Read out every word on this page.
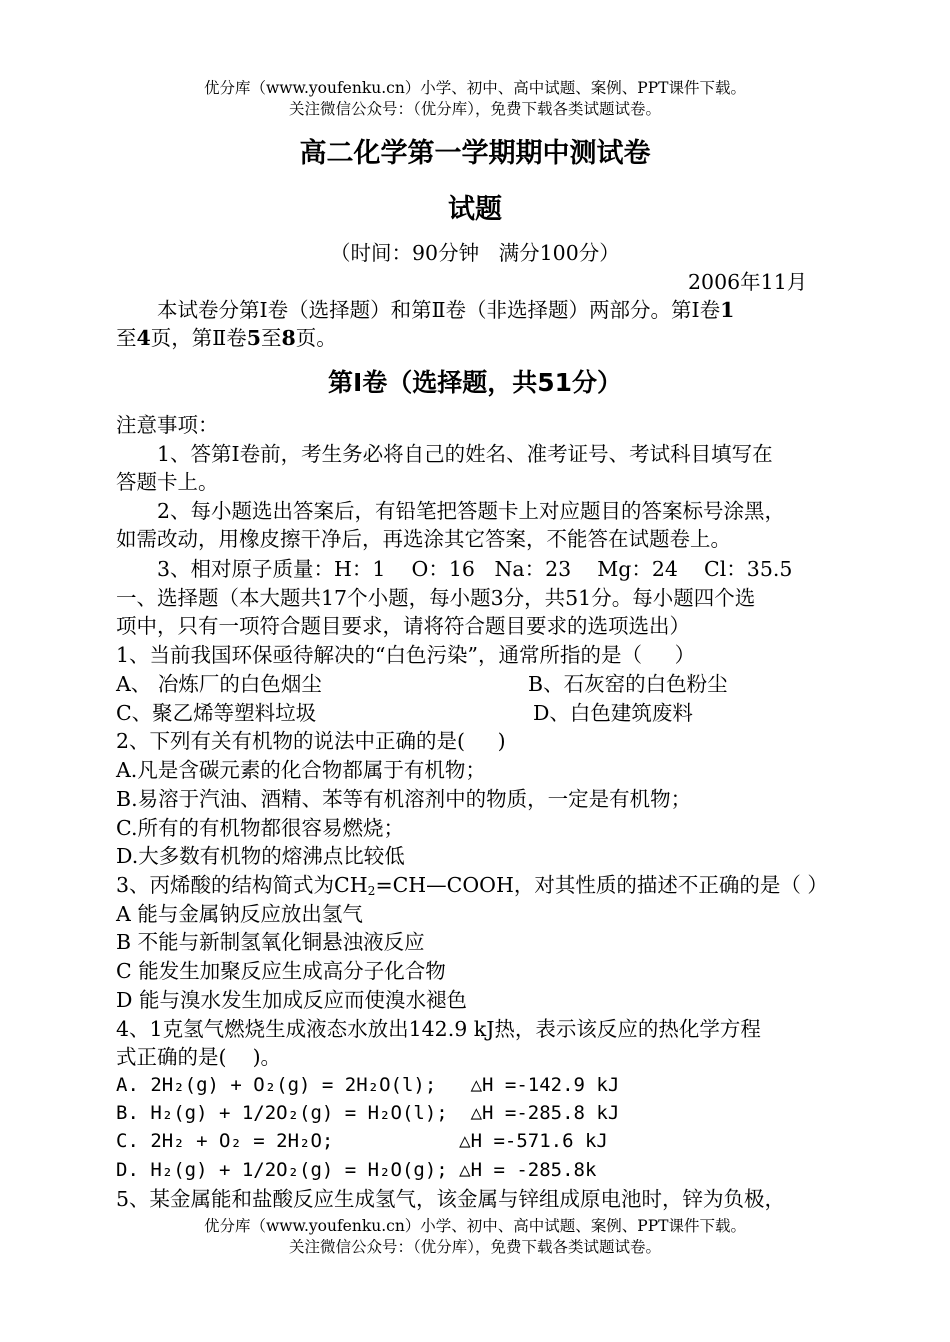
优分库（www.youfenku.cn）小学、初中、高中试题、案例、PPT课件下载。
关注微信公众号：（优分库），免费下载各类试题试卷。
高二化学第一学期期中测试卷
试题
（时间：90分钟   满分100分）
2006年11月
本试卷分第Ⅰ卷（选择题）和第Ⅱ卷（非选择题）两部分。第Ⅰ卷1
至4页，第Ⅱ卷5至8页。
第Ⅰ卷（选择题，共51分）
注意事项：
1、答第Ⅰ卷前，考生务必将自己的姓名、准考证号、考试科目填写在
答题卡上。
2、每小题选出答案后，有铅笔把答题卡上对应题目的答案标号涂黑，
如需改动，用橡皮擦干净后，再选涂其它答案，不能答在试题卷上。
3、相对原子质量：H：1    O：16   Na：23    Mg：24    Cl：35.5
一、选择题（本大题共17个小题，每小题3分，共51分。每小题四个选
项中，只有一项符合题目要求，请将符合题目要求的选项选出）
1、当前我国环保亟待解决的“白色污染”，通常所指的是（     ）
A、 冶炼厂的白色烟尘	B、石灰窑的白色粉尘
C、聚乙烯等塑料垃圾	D、白色建筑废料
2、下列有关有机物的说法中正确的是(     )
A.凡是含碳元素的化合物都属于有机物；
B.易溶于汽油、酒精、苯等有机溶剂中的物质，一定是有机物；
C.所有的有机物都很容易燃烧；
D.大多数有机物的熔沸点比较低
3、丙烯酸的结构简式为CH2=CH—COOH，对其性质的描述不正确的是（ ）
A 能与金属钠反应放出氢气
B 不能与新制氢氧化铜悬浊液反应
C 能发生加聚反应生成高分子化合物
D 能与溴水发生加成反应而使溴水褪色
4、1克氢气燃烧生成液态水放出142.9 kJ热，表示该反应的热化学方程
式正确的是(    )。
A. 2H₂(g) + O₂(g) = 2H₂O(l);   △H =-142.9 kJ
B. H₂(g) + 1/2O₂(g) = H₂O(l);  △H =-285.8 kJ
C. 2H₂ + O₂ = 2H₂O;           △H =-571.6 kJ
D. H₂(g) + 1/2O₂(g) = H₂O(g); △H = -285.8k
5、某金属能和盐酸反应生成氢气，该金属与锌组成原电池时，锌为负极，
优分库（www.youfenku.cn）小学、初中、高中试题、案例、PPT课件下载。
关注微信公众号：（优分库），免费下载各类试题试卷。
